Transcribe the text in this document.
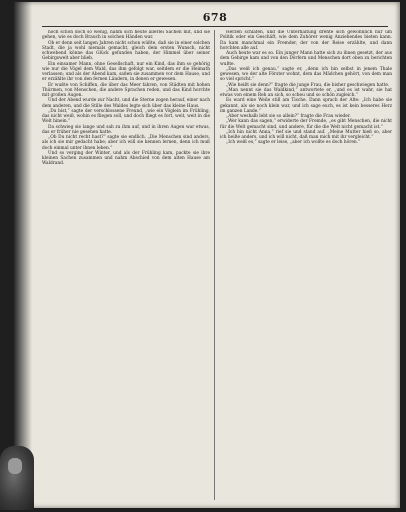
678

noch schon doch so wenig, nahm sich heute allerlei Sachen mit, und sie gehen, wie es doch Brauch in solchen Händen war.

Ob er denn seit langen Jahren nicht schon wüßte, daß sie in einer solchen Stadt, die ja wohl niemals gemacht, gleich dem ersten Wunsch, nicht schwebend könne das Glück gefunden haben, der Himmel über seiner Gebirgswelt aber blieb.

Ein einsamer Mann, ohne Gesellschaft, nur ein Kind, das ihm so gehörig wie nur die Vögel dem Wald, das ihm gefolgt war, seitdem er die Heimath verlassen; und als der Abend kam, saßen sie zusammen vor dem Hause, und er erzählte ihr von den fernen Ländern, in denen er gewesen.

Er wußte von Schiffen, die über das Meer fahren, von Städten mit hohen Thürmen, von Menschen, die andere Sprachen reden, und das Kind horchte mit großen Augen.

Und der Abend wurde zur Nacht, und die Sterne zogen herauf, einer nach dem anderen, und die Stille des Waldes legte sich über das kleine Haus.

„Du bist,“ sagte der verschlossene Freund, „wie ein Vöglein im Frühling, das nicht weiß, wohin es fliegen soll, und doch fliegt es fort, weit, weit in die Welt hinein.“

Da schwieg sie lange und sah zu ihm auf, und in ihren Augen war etwas, das er früher nie gesehen hatte.

„Ob Du nicht recht hast?“ sagte sie endlich. „Die Menschen sind anders, als ich sie mir gedacht habe; aber ich will sie kennen lernen, denn ich muß doch einmal unter ihnen leben.“

Und so verging der Winter, und als der Frühling kam, packte sie ihre kleinen Sachen zusammen und nahm Abschied von dem alten Hause am Waldrand.

Herzen schlafen, und die Unterhaltung drehte sich gewöhnlich nur um Politik oder ein Geschäft, wie dem Zuhörer wenig Anziehendes bieten kann. Da kam manchmal ein Fremder, der von der Reise erzählte, und dann horchten alle auf.

Auch heute war es so. Ein junger Mann hatte sich zu ihnen gesetzt, der aus dem Gebirge kam und von den Dörfern und Menschen dort oben zu berichten wußte.

„Das weiß ich genau,“ sagte er, „denn ich bin selbst in jenem Thale gewesen, wo der alte Förster wohnt, dem das Mädchen gehört, von dem man so viel spricht.“

„Wie heißt sie denn?“ fragte die junge Frau, die bisher geschwiegen hatte.

„Man nennt sie das Waldkind,“ antwortete er, „und es ist wahr, sie hat etwas von einem Reh an sich, so scheu und so schön zugleich.“

Es ward eine Weile still am Tische. Dann sprach der Alte: „Ich habe sie gekannt, als sie noch klein war, und ich sage euch, es ist kein besseres Herz im ganzen Lande.“

„Aber weshalb lebt sie so allein?“ fragte die Frau wieder.

„Wer kann das sagen,“ erwiderte der Fremde, „es gibt Menschen, die nicht für die Welt gemacht sind, und andere, für die die Welt nicht gemacht ist.“

„Ich bin nicht Anna,“ rief sie und stand auf. „Meine Mutter hieß so, aber ich heiße anders, und ich will nicht, daß man mich mit ihr vergleicht.“

„Ich weiß es,“ sagte er leise, „aber ich wollte es doch hören.“
